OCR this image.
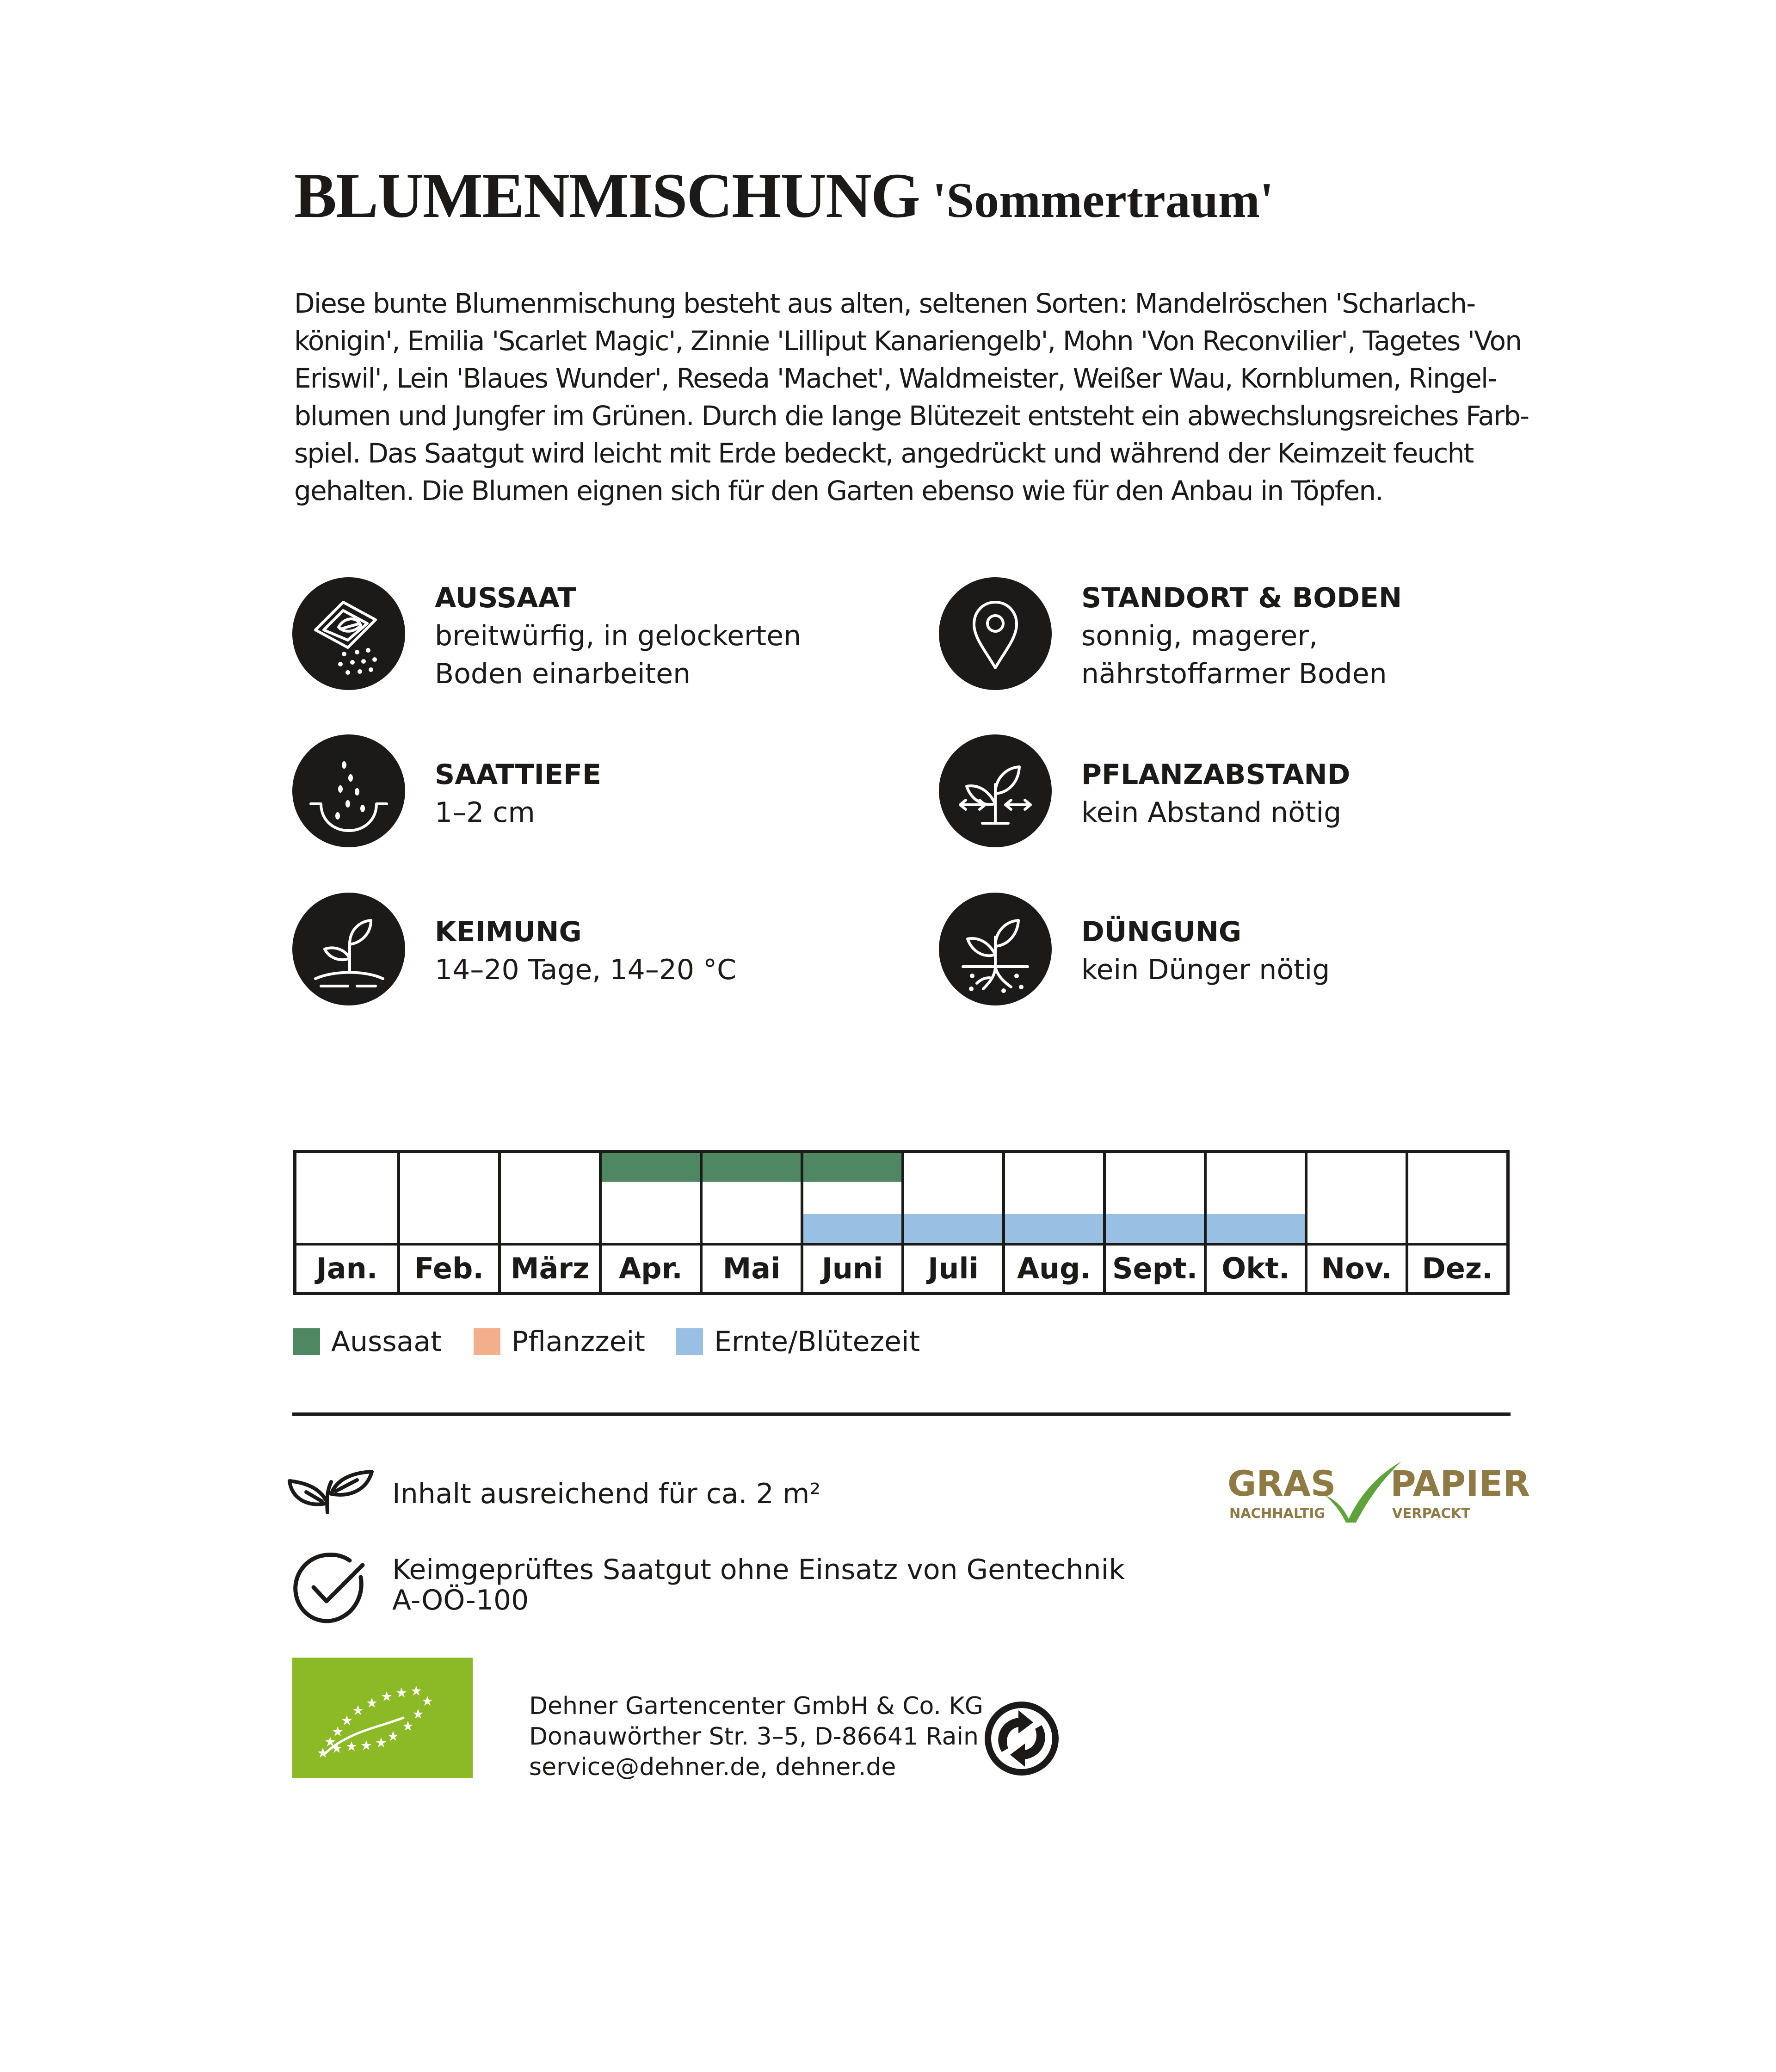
BLUMENMISCHUNG 'Sommertraum'
Diese bunte Blumenmischung besteht aus alten, seltenen Sorten: Mandelröschen 'Scharlach-
königin', Emilia 'Scarlet Magic', Zinnie 'Lilliput Kanariengelb', Mohn 'Von Reconvilier', Tagetes 'Von
Eriswil', Lein 'Blaues Wunder', Reseda 'Machet', Waldmeister, Weißer Wau, Kornblumen, Ringel-
blumen und Jungfer im Grünen. Durch die lange Blütezeit entsteht ein abwechslungsreiches Farb-
spiel. Das Saatgut wird leicht mit Erde bedeckt, angedrückt und während der Keimzeit feucht
gehalten. Die Blumen eignen sich für den Garten ebenso wie für den Anbau in Töpfen.
AUSSAAT
breitwürfig, in gelockerten
Boden einarbeiten
SAATTIEFE
1–2 cm
KEIMUNG
14–20 Tage, 14–20 °C
STANDORT & BODEN
sonnig, magerer,
nährstoffarmer Boden
PFLANZABSTAND
kein Abstand nötig
DÜNGUNG
kein Dünger nötig
Jan.	Feb. März	Apr.	Mai	Juni	Juli	Aug. Sept. Okt.	Nov.	Dez.
Aussaat	Pflanzzeit Ernte/Blütezeit
Inhalt ausreichend für ca. 2 m²
Keimgeprüftes Saatgut ohne Einsatz von Gentechnik
A-OÖ-100
GRAS PAPIER
NACHHALTIG	VERPACKT
Dehner Gartencenter GmbH & Co. KG
Donauwörther Str. 3–5, D-86641 Rain
service@dehner.de, dehner.de
